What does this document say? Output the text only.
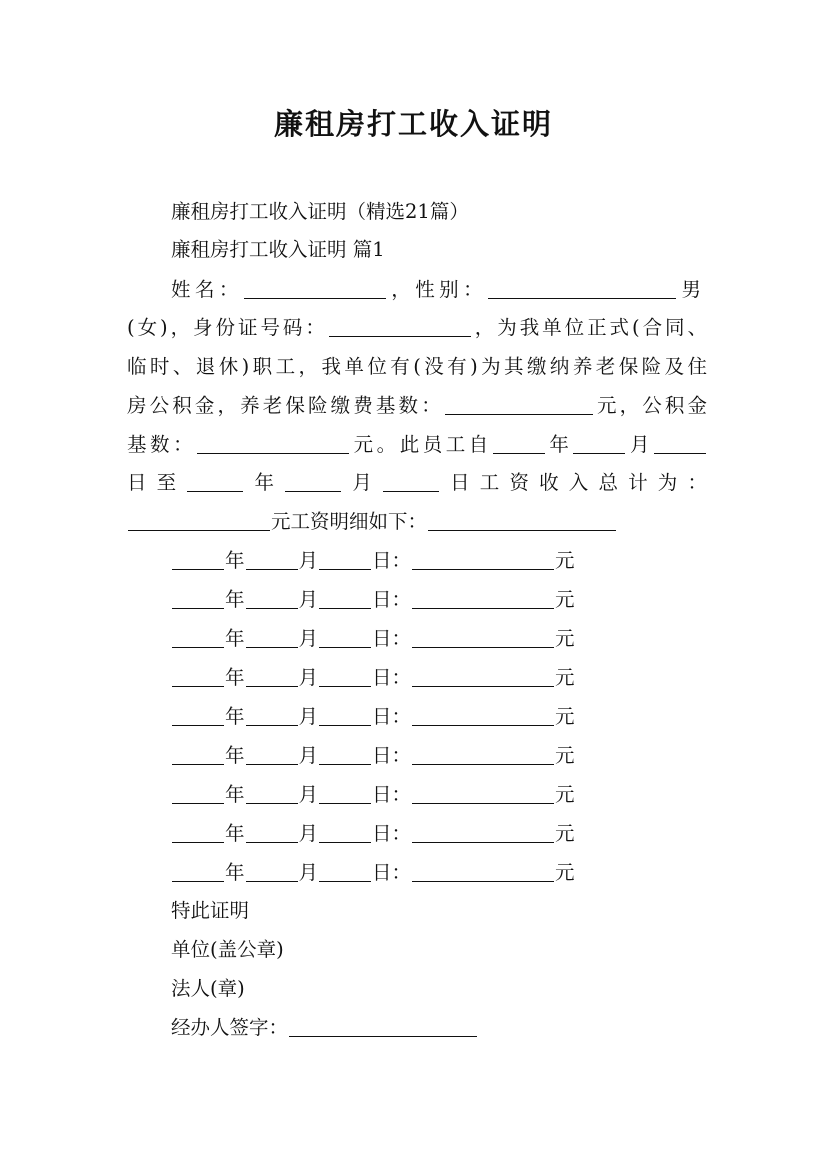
廉租房打工收入证明
廉租房打工收入证明（精选21篇）
廉租房打工收入证明 篇1
姓名：	，性别：	男
(女)，身份证号码：	，为我单位正式(合同、
临时、退休)职工，我单位有(没有)为其缴纳养老保险及住
房公积金，养老保险缴费基数：	元，公积金
基数：	元。此员工自	年	月
日至	年	月	日工资收入总计为：
元工资明细如下：
年	月	日：	元
年	月	日：	元
年	月	日：	元
年	月	日：	元
年	月	日：	元
年	月	日：	元
年	月	日：	元
年	月	日：	元
年	月	日：	元
特此证明
单位(盖公章)
法人(章)
经办人签字：
